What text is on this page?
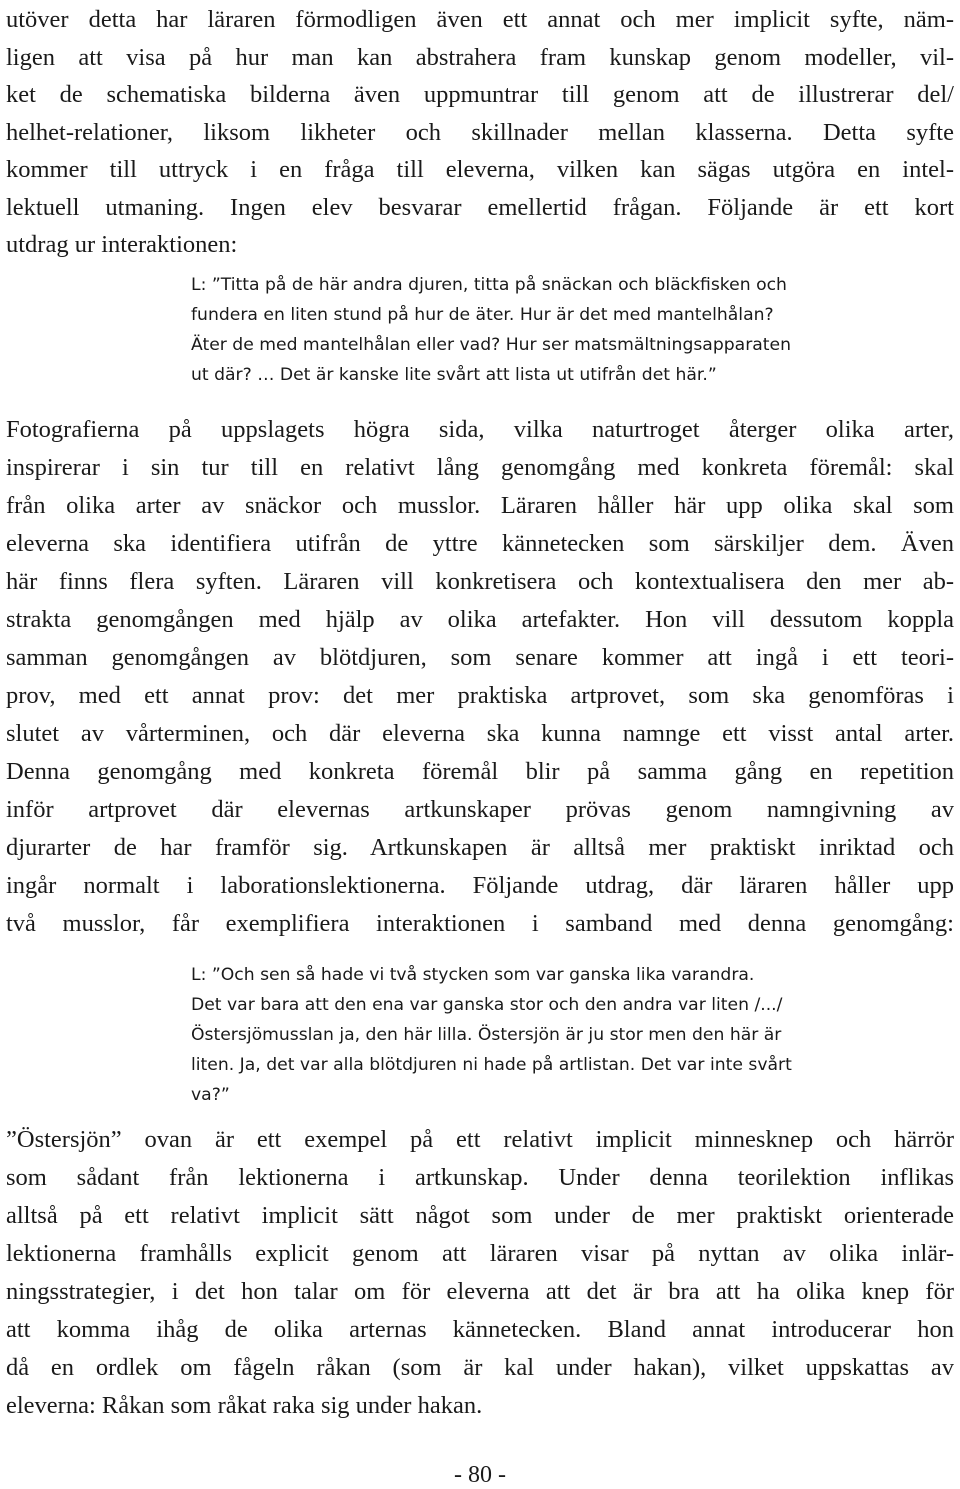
utöver detta har läraren förmodligen även ett annat och mer implicit syfte, näm-
ligen att visa på hur man kan abstrahera fram kunskap genom modeller, vil-
ket de schematiska bilderna även uppmuntrar till genom att de illustrerar del/
helhet-relationer, liksom likheter och skillnader mellan klasserna. Detta syfte
kommer till uttryck i en fråga till eleverna, vilken kan sägas utgöra en intel-
lektuell utmaning. Ingen elev besvarar emellertid frågan. Följande är ett kort
utdrag ur interaktionen:
L: ”Titta på de här andra djuren, titta på snäckan och bläckfisken och
fundera en liten stund på hur de äter. Hur är det med mantelhålan?
Äter de med mantelhålan eller vad? Hur ser matsmältningsapparaten
ut där? … Det är kanske lite svårt att lista ut utifrån det här.”
Fotografierna på uppslagets högra sida, vilka naturtroget återger olika arter,
inspirerar i sin tur till en relativt lång genomgång med konkreta föremål: skal
från olika arter av snäckor och musslor. Läraren håller här upp olika skal som
eleverna ska identifiera utifrån de yttre kännetecken som särskiljer dem. Även
här finns flera syften. Läraren vill konkretisera och kontextualisera den mer ab-
strakta genomgången med hjälp av olika artefakter. Hon vill dessutom koppla
samman genomgången av blötdjuren, som senare kommer att ingå i ett teori-
prov, med ett annat prov: det mer praktiska artprovet, som ska genomföras i
slutet av vårterminen, och där eleverna ska kunna namnge ett visst antal arter.
Denna genomgång med konkreta föremål blir på samma gång en repetition
inför artprovet där elevernas artkunskaper prövas genom namngivning av
djurarter de har framför sig. Artkunskapen är alltså mer praktiskt inriktad och
ingår normalt i laborationslektionerna. Följande utdrag, där läraren håller upp
två musslor, får exemplifiera interaktionen i samband med denna genomgång:
L: ”Och sen så hade vi två stycken som var ganska lika varandra.
Det var bara att den ena var ganska stor och den andra var liten /.../
Östersjömusslan ja, den här lilla. Östersjön är ju stor men den här är
liten. Ja, det var alla blötdjuren ni hade på artlistan. Det var inte svårt
va?”
”Östersjön” ovan är ett exempel på ett relativt implicit minnesknep och härrör
som sådant från lektionerna i artkunskap. Under denna teorilektion inflikas
alltså på ett relativt implicit sätt något som under de mer praktiskt orienterade
lektionerna framhålls explicit genom att läraren visar på nyttan av olika inlär-
ningsstrategier, i det hon talar om för eleverna att det är bra att ha olika knep för
att komma ihåg de olika arternas kännetecken. Bland annat introducerar hon
då en ordlek om fågeln råkan (som är kal under hakan), vilket uppskattas av
eleverna: Råkan som råkat raka sig under hakan.
- 80 -
